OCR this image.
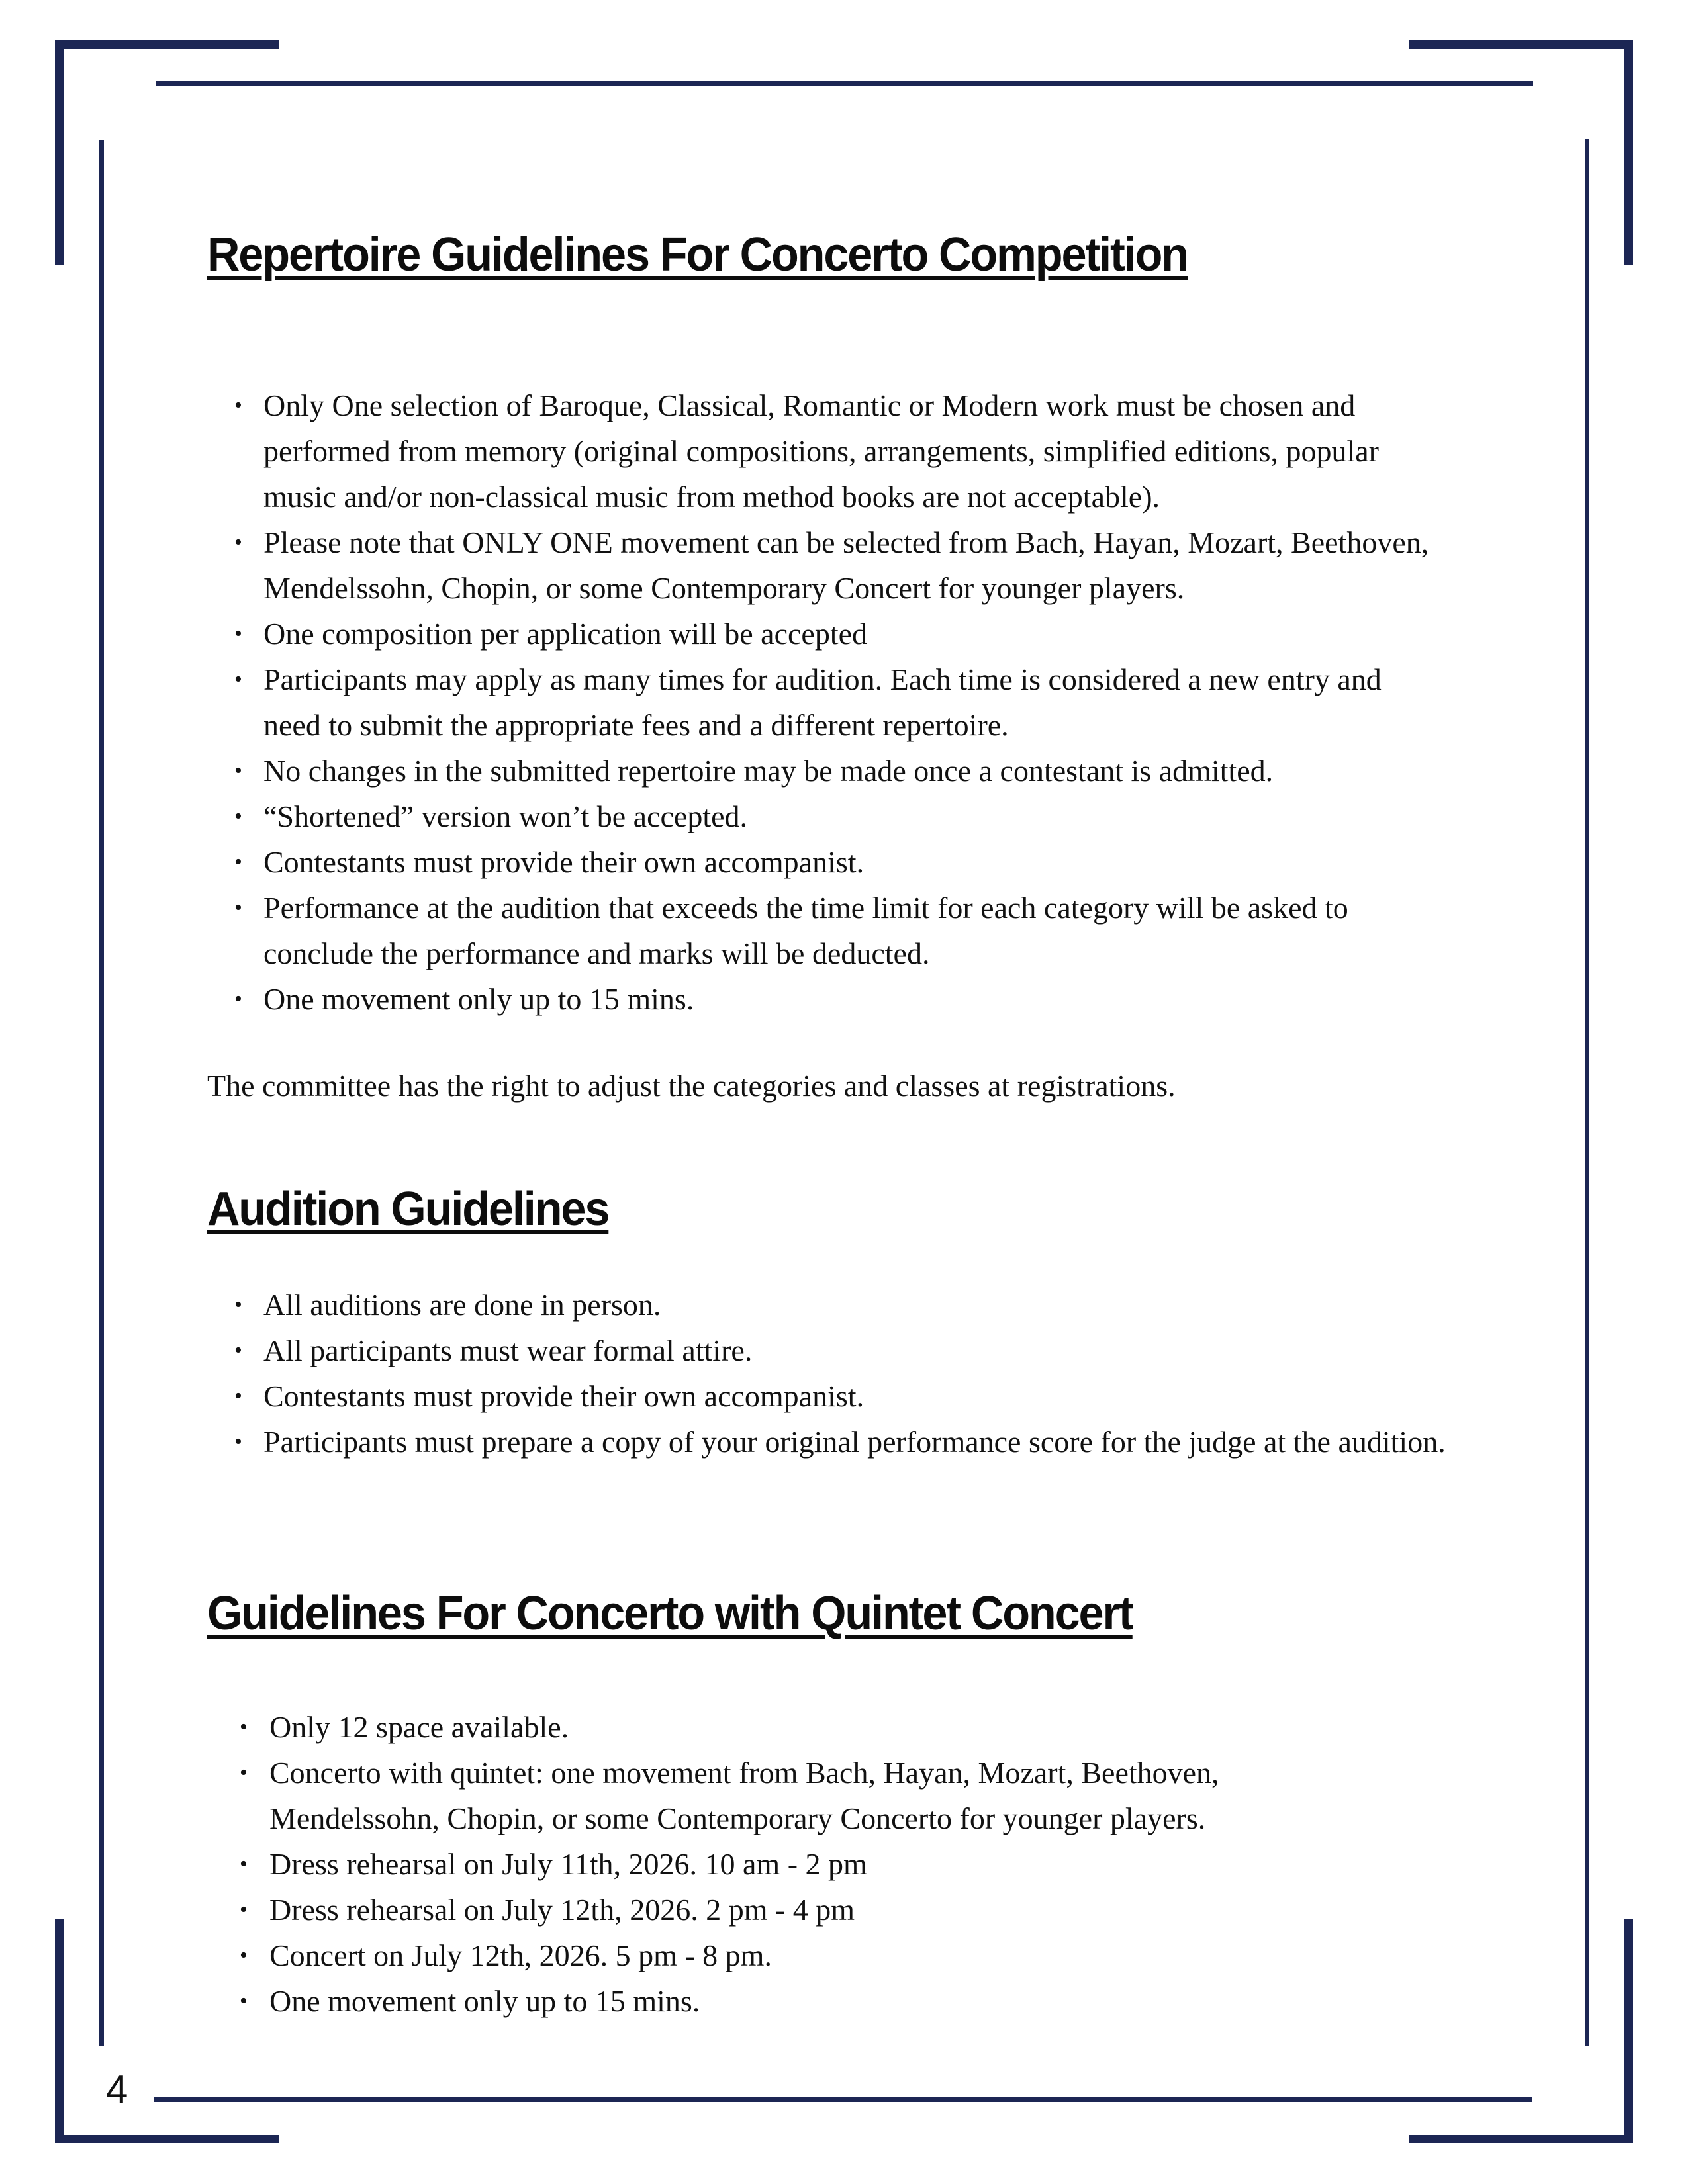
Repertoire Guidelines For Concerto Competition
• Only One selection of Baroque, Classical, Romantic or Modern work must be chosen and performed from memory (original compositions, arrangements, simplified editions, popular music and/or non-classical music from method books are not acceptable).
• Please note that ONLY ONE movement can be selected from Bach, Hayan, Mozart, Beethoven, Mendelssohn, Chopin, or some Contemporary Concert for younger players.
• One composition per application will be accepted
• Participants may apply as many times for audition. Each time is considered a new entry and need to submit the appropriate fees and a different repertoire.
• No changes in the submitted repertoire may be made once a contestant is admitted.
• “Shortened” version won’t be accepted.
• Contestants must provide their own accompanist.
• Performance at the audition that exceeds the time limit for each category will be asked to conclude the performance and marks will be deducted.
• One movement only up to 15 mins.

The committee has the right to adjust the categories and classes at registrations.

Audition Guidelines
• All auditions are done in person.
• All participants must wear formal attire.
• Contestants must provide their own accompanist.
• Participants must prepare a copy of your original performance score for the judge at the audition.
Guidelines For Concerto with Quintet Concert
• Only 12 space available.
• Concerto with quintet: one movement from Bach, Hayan, Mozart, Beethoven, Mendelssohn, Chopin, or some Contemporary Concerto for younger players.
• Dress rehearsal on July 11th, 2026. 10 am - 2 pm
• Dress rehearsal on July 12th, 2026. 2 pm - 4 pm
• Concert on July 12th, 2026. 5 pm - 8 pm.
• One movement only up to 15 mins.
4
